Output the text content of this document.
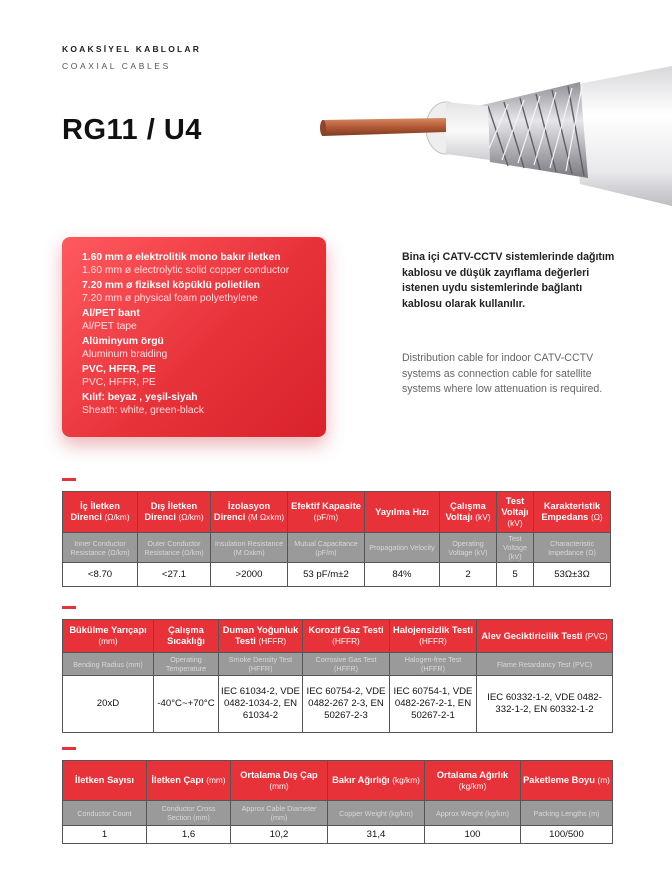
KOAKSİYEL KABLOLAR
COAXIAL CABLES
RG11 / U4
1.60 mm ø elektrolitik mono bakır iletken
1.60 mm ø electrolytic solid copper conductor
7.20 mm ø fiziksel köpüklü polietilen
7.20 mm ø physical foam polyethylene
Al/PET bant
Al/PET tape
Alüminyum örgü
Aluminum braiding
PVC, HFFR, PE
PVC, HFFR, PE
Kılıf: beyaz , yeşil-siyah
Sheath: white, green-black

Bina içi CATV-CCTV sistemlerinde dağıtım kablosu ve düşük zayıflama değerleri istenen uydu sistemlerinde bağlantı kablosu olarak kullanılır.

Distribution cable for indoor CATV-CCTV systems as connection cable for satellite systems where low attenuation is required.

İç İletken Direnci (Ω/km)	Dış İletken Direnci (Ω/km)	İzolasyon Direnci (M Ωxkm)	Efektif Kapasite (pF/m)	Yayılma Hızı	Çalışma Voltajı (kV)	Test Voltajı (kV)	Karakteristik Empedans (Ω)
Inner Conductor Resistance (Ω/km)	Outer Conductor Resistance (Ω/km)	Insulation Resistance (M Ωxkm)	Mutual Capacitance (pF/m)	Propagation Velocity	Operating Voltage (kV)	Test Voltage (kV)	Characteristic Impedance (Ω)
<8.70	<27.1	>2000	53 pF/m±2	84%	2	5	53Ω±3Ω
Bükülme Yarıçapı (mm)	Çalışma Sıcaklığı	Duman Yoğunluk Testi (HFFR)	Korozif Gaz Testi (HFFR)	Halojensizlik Testi (HFFR)	Alev Geciktiricilik Testi (PVC)
Bending Radius (mm)	Operating Temperature	Smoke Density Test (HFFR)	Corrosive Gas Test (HFFR)	Halogen-free Test (HFFR)	Flame Retardancy Test (PVC)
20xD	-40°C~+70°C	IEC 61034-2, VDE 0482-1034-2, EN 61034-2	IEC 60754-2, VDE 0482-267 2-3, EN 50267-2-3	IEC 60754-1, VDE 0482-267-2-1, EN 50267-2-1	IEC 60332-1-2, VDE 0482-332-1-2, EN 60332-1-2
İletken Sayısı	İletken Çapı (mm)	Ortalama Dış Çap (mm)	Bakır Ağırlığı (kg/km)	Ortalama Ağırlık (kg/km)	Paketleme Boyu (m)
Conductor Count	Conductor Cross Section (mm)	Approx Cable Diameter (mm)	Copper Weight (kg/km)	Approx Weight (kg/km)	Packing Lengths (m)
1	1,6	10,2	31,4	100	100/500
